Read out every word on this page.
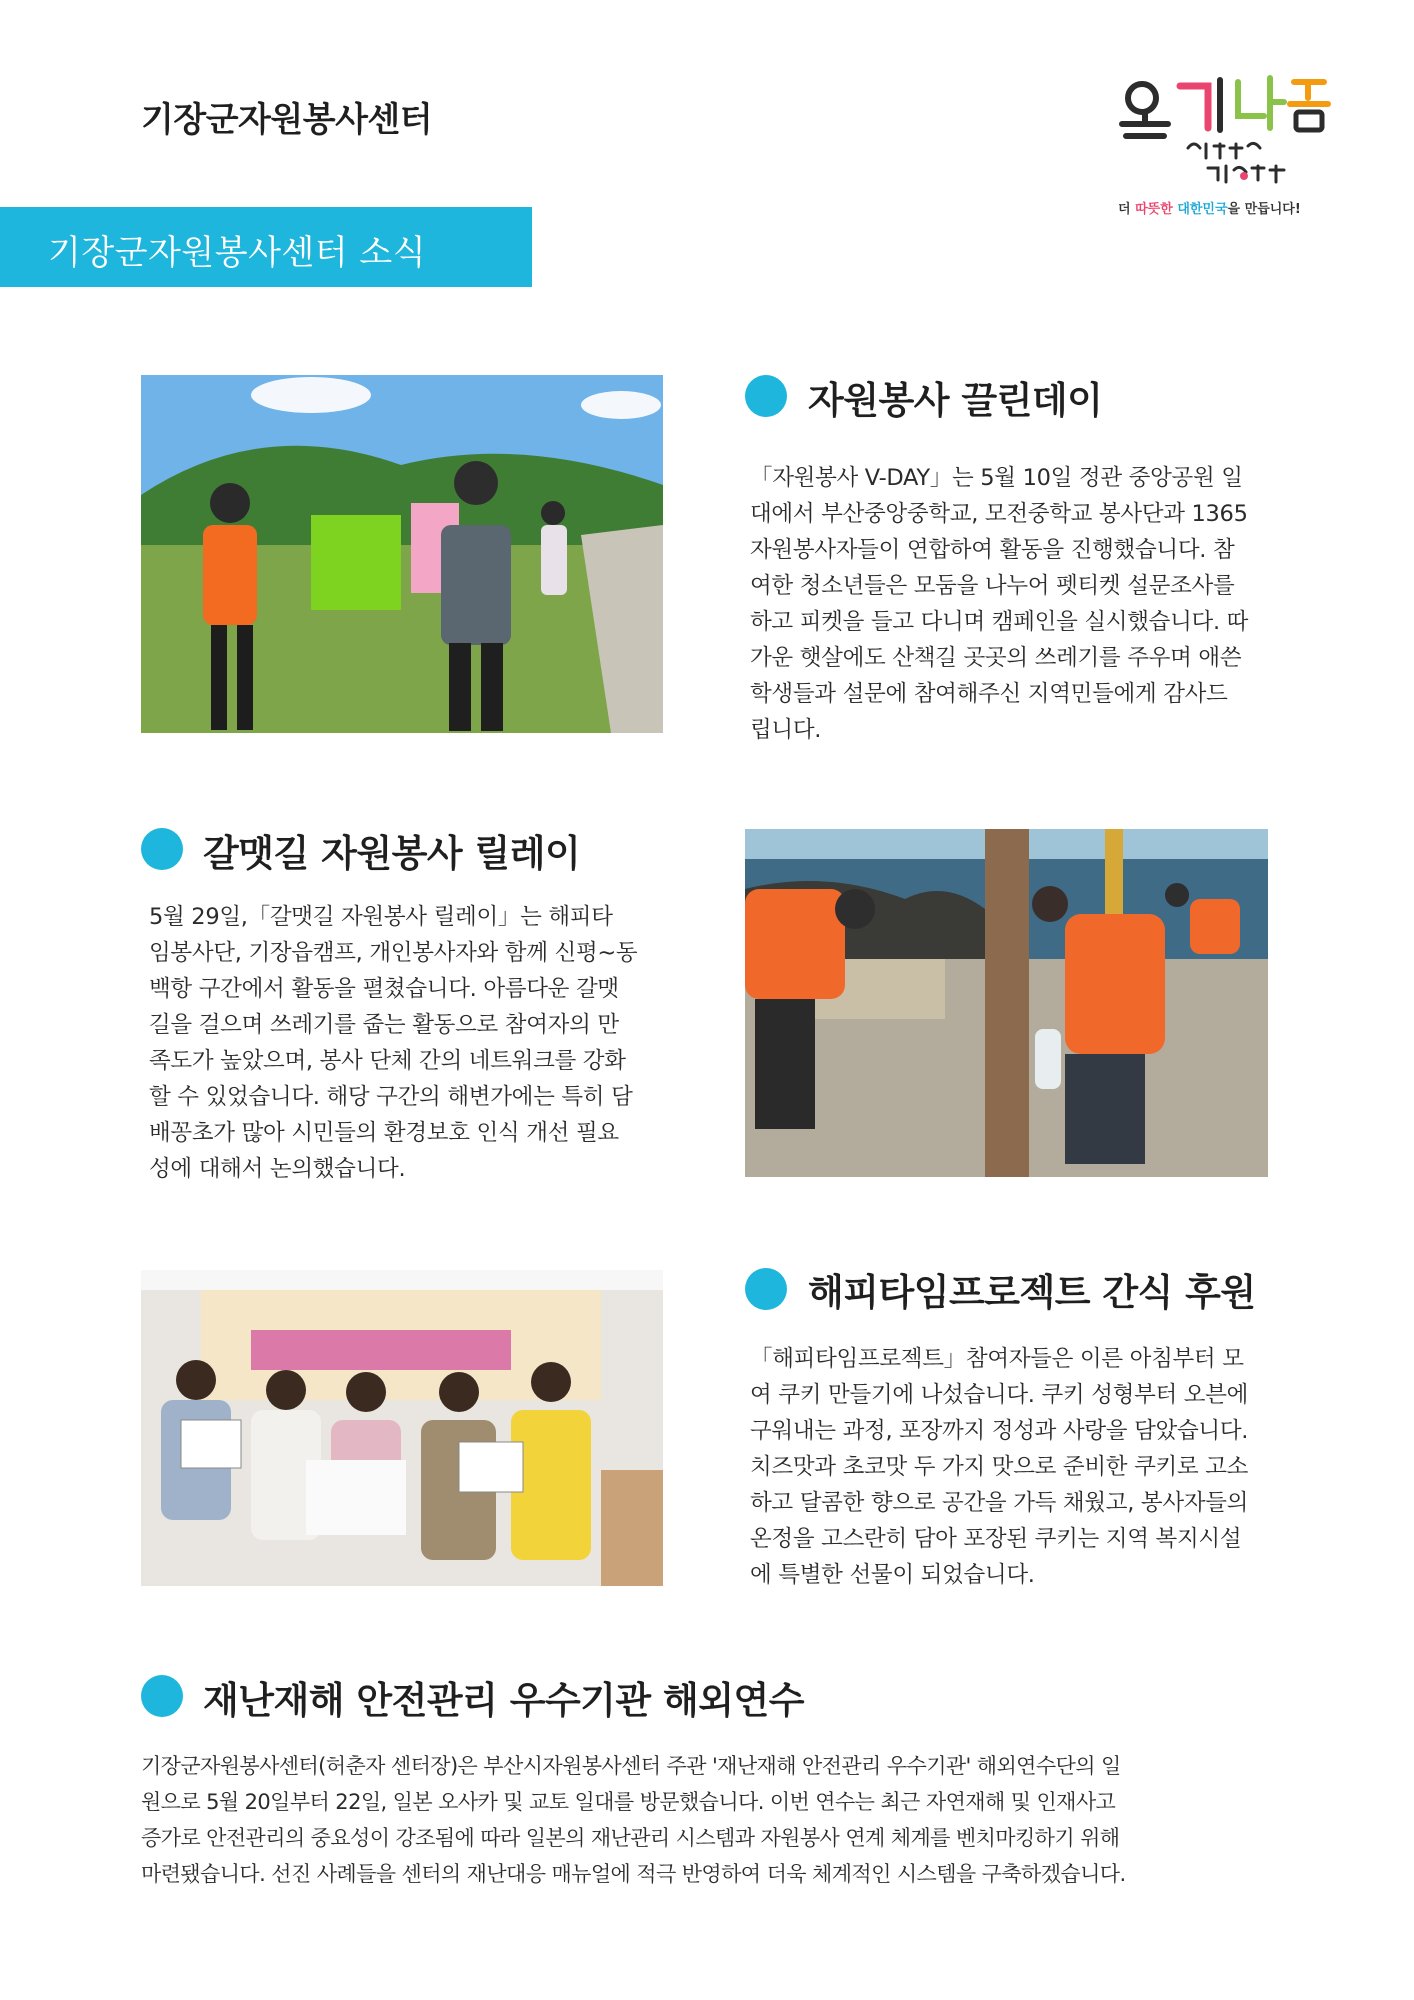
기장군자원봉사센터
더 따뜻한 대한민국을 만듭니다!
기장군자원봉사센터 소식
자원봉사 끌린데이
「자원봉사 V-DAY」는 5월 10일 정관 중앙공원 일
대에서 부산중앙중학교, 모전중학교 봉사단과 1365
자원봉사자들이 연합하여 활동을 진행했습니다. 참
여한 청소년들은 모둠을 나누어 펫티켓 설문조사를
하고 피켓을 들고 다니며 캠페인을 실시했습니다. 따
가운 햇살에도 산책길 곳곳의 쓰레기를 주우며 애쓴
학생들과 설문에 참여해주신 지역민들에게 감사드
립니다.
갈맷길 자원봉사 릴레이
5월 29일,「갈맷길 자원봉사 릴레이」는 해피타
임봉사단, 기장읍캠프, 개인봉사자와 함께 신평~동
백항 구간에서 활동을 펼쳤습니다. 아름다운 갈맷
길을 걸으며 쓰레기를 줍는 활동으로 참여자의 만
족도가 높았으며, 봉사 단체 간의 네트워크를 강화
할 수 있었습니다. 해당 구간의 해변가에는 특히 담
배꽁초가 많아 시민들의 환경보호 인식 개선 필요
성에 대해서 논의했습니다.
해피타임프로젝트 간식 후원
「해피타임프로젝트」참여자들은 이른 아침부터 모
여 쿠키 만들기에 나섰습니다. 쿠키 성형부터 오븐에
구워내는 과정, 포장까지 정성과 사랑을 담았습니다.
치즈맛과 초코맛 두 가지 맛으로 준비한 쿠키로 고소
하고 달콤한 향으로 공간을 가득 채웠고, 봉사자들의
온정을 고스란히 담아 포장된 쿠키는 지역 복지시설
에 특별한 선물이 되었습니다.
재난재해 안전관리 우수기관 해외연수
기장군자원봉사센터(허춘자 센터장)은 부산시자원봉사센터 주관 '재난재해 안전관리 우수기관' 해외연수단의 일
원으로 5월 20일부터 22일, 일본 오사카 및 교토 일대를 방문했습니다. 이번 연수는 최근 자연재해 및 인재사고
증가로 안전관리의 중요성이 강조됨에 따라 일본의 재난관리 시스템과 자원봉사 연계 체계를 벤치마킹하기 위해
마련됐습니다. 선진 사례들을 센터의 재난대응 매뉴얼에 적극 반영하여 더욱 체계적인 시스템을 구축하겠습니다.
